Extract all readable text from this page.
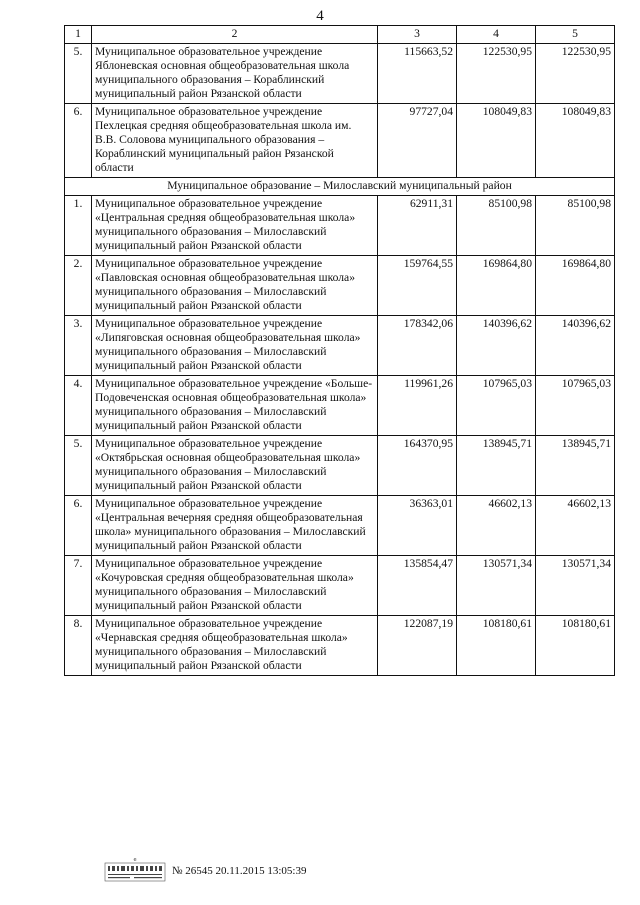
4
1	2	3	4	5
5.	Муниципальное образовательное учреждение Яблоневская основная общеобразовательная школа муниципального образования – Кораблинский муниципальный район Рязанской области	115663,52	122530,95	122530,95
6.	Муниципальное образовательное учреждение Пехлецкая средняя общеобразовательная школа им. В.В. Соловова муниципального образования – Кораблинский муниципальный район Рязанской области	97727,04	108049,83	108049,83
Муниципальное образование – Милославский муниципальный район				
1.	Муниципальное образовательное учреждение «Центральная средняя общеобразовательная школа» муниципального образования – Милославский муниципальный район Рязанской области	62911,31	85100,98	85100,98
2.	Муниципальное образовательное учреждение «Павловская основная общеобразовательная школа» муниципального образования – Милославский муниципальный район Рязанской области	159764,55	169864,80	169864,80
3.	Муниципальное образовательное учреждение «Липяговская основная общеобразовательная школа» муниципального образования – Милославский муниципальный район Рязанской области	178342,06	140396,62	140396,62
4.	Муниципальное образовательное учреждение «Больше-Подовеченская основная общеобразовательная школа» муниципального образования – Милославский муниципальный район Рязанской области	119961,26	107965,03	107965,03
5.	Муниципальное образовательное учреждение «Октябрьская основная общеобразовательная школа» муниципального образования – Милославский муниципальный район Рязанской области	164370,95	138945,71	138945,71
6.	Муниципальное образовательное учреждение «Центральная вечерняя средняя общеобразовательная школа» муниципального образования – Милославский муниципальный район Рязанской области	36363,01	46602,13	46602,13
7.	Муниципальное образовательное учреждение «Кочуровская средняя общеобразовательная школа» муниципального образования – Милославский муниципальный район Рязанской области	135854,47	130571,34	130571,34
8.	Муниципальное образовательное учреждение «Чернавская средняя общеобразовательная школа» муниципального образования – Милославский муниципальный район Рязанской области	122087,19	108180,61	108180,61
e
№ 26545 20.11.2015 13:05:39
